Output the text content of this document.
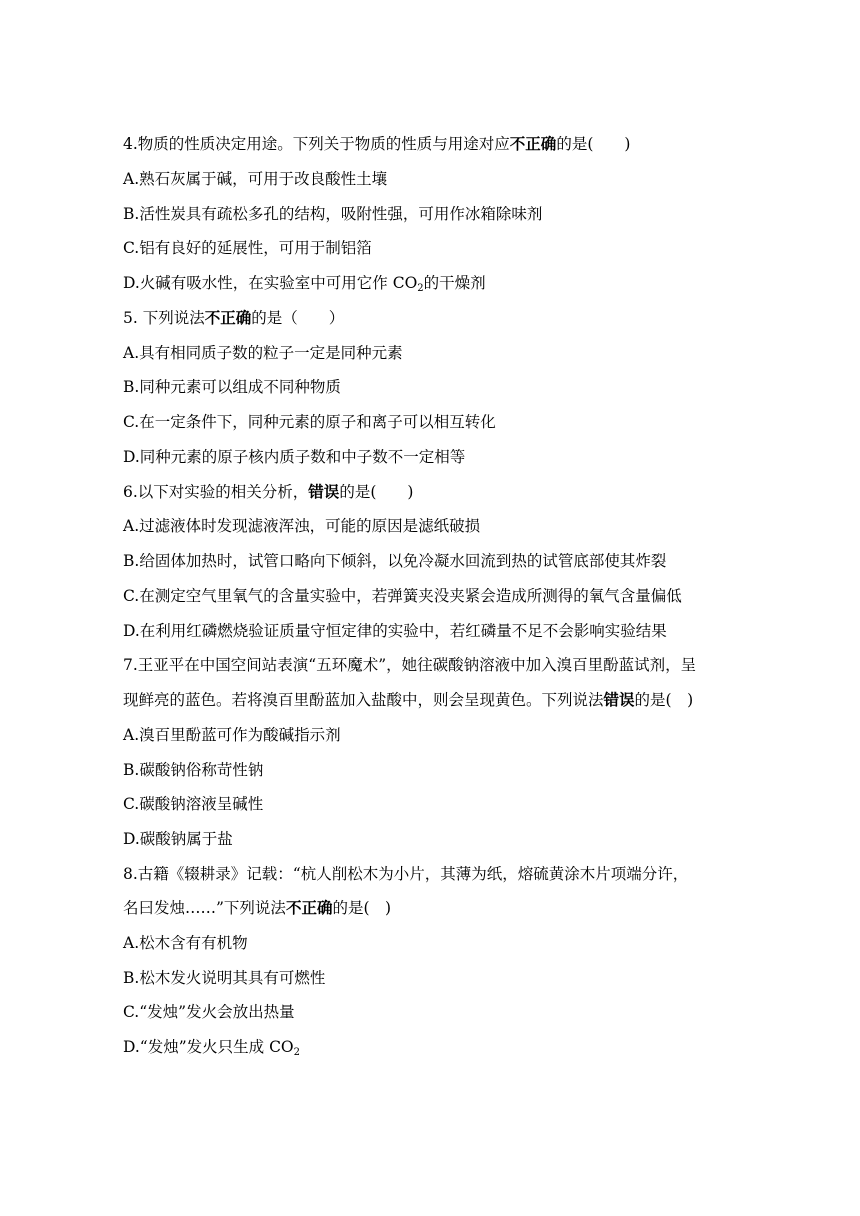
4.物质的性质决定用途。下列关于物质的性质与用途对应不正确的是(　　)
A.熟石灰属于碱，可用于改良酸性土壤
B.活性炭具有疏松多孔的结构，吸附性强，可用作冰箱除味剂
C.铝有良好的延展性，可用于制铝箔
D.火碱有吸水性，在实验室中可用它作 $CO_2$的干燥剂
5. 下列说法不正确的是（　　）
A.具有相同质子数的粒子一定是同种元素
B.同种元素可以组成不同种物质
C.在一定条件下，同种元素的原子和离子可以相互转化
D.同种元素的原子核内质子数和中子数不一定相等
6.以下对实验的相关分析，错误的是(　　)
A.过滤液体时发现滤液浑浊，可能的原因是滤纸破损
B.给固体加热时，试管口略向下倾斜，以免冷凝水回流到热的试管底部使其炸裂
C.在测定空气里氧气的含量实验中，若弹簧夹没夹紧会造成所测得的氧气含量偏低
D.在利用红磷燃烧验证质量守恒定律的实验中，若红磷量不足不会影响实验结果
7.王亚平在中国空间站表演“五环魔术”，她往碳酸钠溶液中加入溴百里酚蓝试剂，呈
现鲜亮的蓝色。若将溴百里酚蓝加入盐酸中，则会呈现黄色。下列说法错误的是(　)
A.溴百里酚蓝可作为酸碱指示剂
B.碳酸钠俗称苛性钠
C.碳酸钠溶液呈碱性
D.碳酸钠属于盐
8.古籍《辍耕录》记载：“杭人削松木为小片，其薄为纸，熔硫黄涂木片项端分许，
名曰发烛……”下列说法不正确的是(　)
A.松木含有有机物
B.松木发火说明其具有可燃性
C.“发烛”发火会放出热量
D.“发烛”发火只生成 $CO_2$
